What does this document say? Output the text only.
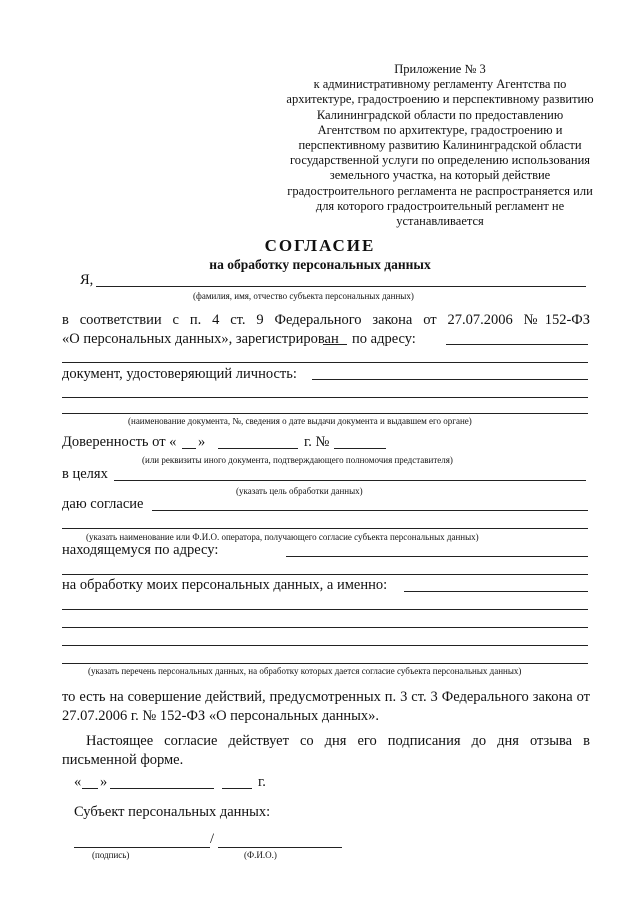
Приложение № 3
к административному регламенту Агентства по
архитектуре, градостроению и перспективному развитию
Калининградской области по предоставлению
Агентством по архитектуре, градостроению и
перспективному развитию Калининградской области
государственной услуги по определению использования
земельного участка, на который действие
градостроительного регламента не распространяется или
для которого градостроительный регламент не
устанавливается
СОГЛАСИЕ
на обработку персональных данных
Я,
(фамилия, имя, отчество субъекта персональных данных)
в соответствии с п. 4 ст. 9 Федерального закона от 27.07.2006 №152-ФЗ
«О персональных данных», зарегистрирован по адресу:
документ, удостоверяющий личность:
(наименование документа, №, сведения о дате выдачи документа и выдавшем его органе)
Доверенность от « »	г. №
(или реквизиты иного документа, подтверждающего полномочия представителя)
в целях
(указать цель обработки данных)
даю согласие
(указать наименование или Ф.И.О. оператора, получающего согласие субъекта персональных данных)
находящемуся по адресу:
на обработку моих персональных данных, а именно:
(указать перечень персональных данных, на обработку которых дается согласие субъекта персональных данных)
то есть на совершение действий, предусмотренных п. 3 ст. 3 Федерального закона от 27.07.2006 г. № 152-ФЗ «О персональных данных».
Настоящее согласие действует со дня его подписания до дня отзыва в письменной форме.
« »	г.
Субъект персональных данных:
/
(подпись)	(Ф.И.О.)
